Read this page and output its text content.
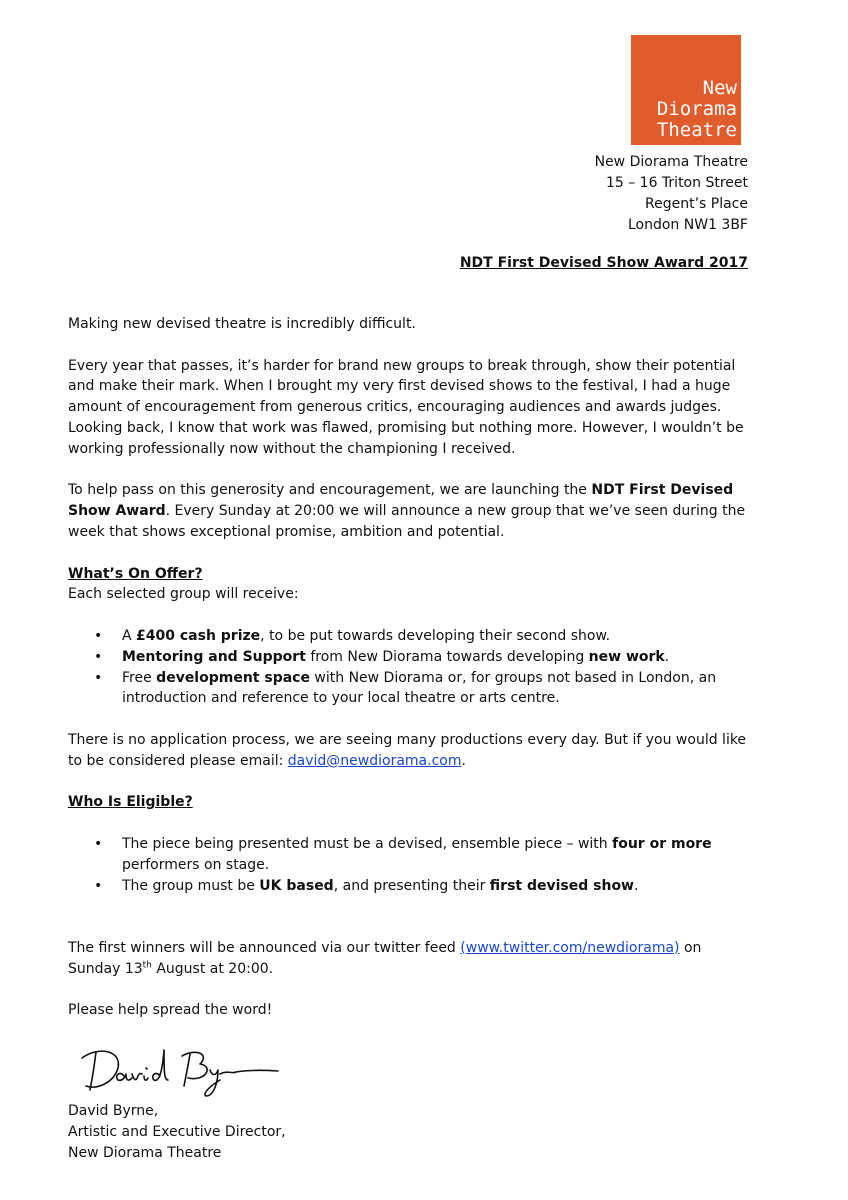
New
Diorama
Theatre
New Diorama Theatre
15 – 16 Triton Street
Regent’s Place
London NW1 3BF
NDT First Devised Show Award 2017

Making new devised theatre is incredibly difficult.

Every year that passes, it’s harder for brand new groups to break through, show their potential and make their mark. When I brought my very first devised shows to the festival, I had a huge amount of encouragement from generous critics, encouraging audiences and awards judges. Looking back, I know that work was flawed, promising but nothing more. However, I wouldn’t be working professionally now without the championing I received.

To help pass on this generosity and encouragement, we are launching the NDT First Devised Show Award. Every Sunday at 20:00 we will announce a new group that we’ve seen during the week that shows exceptional promise, ambition and potential.

What’s On Offer?

Each selected group will receive:

• A £400 cash prize, to be put towards developing their second show.
• Mentoring and Support from New Diorama towards developing new work.
• Free development space with New Diorama or, for groups not based in London, an introduction and reference to your local theatre or arts centre.

There is no application process, we are seeing many productions every day. But if you would like to be considered please email: david@newdiorama.com.

Who Is Eligible?

• The piece being presented must be a devised, ensemble piece – with four or more performers on stage.
• The group must be UK based, and presenting their first devised show.

The first winners will be announced via our twitter feed (www.twitter.com/newdiorama) on Sunday 13th August at 20:00.

Please help spread the word!

David Byrne,
Artistic and Executive Director,
New Diorama Theatre
